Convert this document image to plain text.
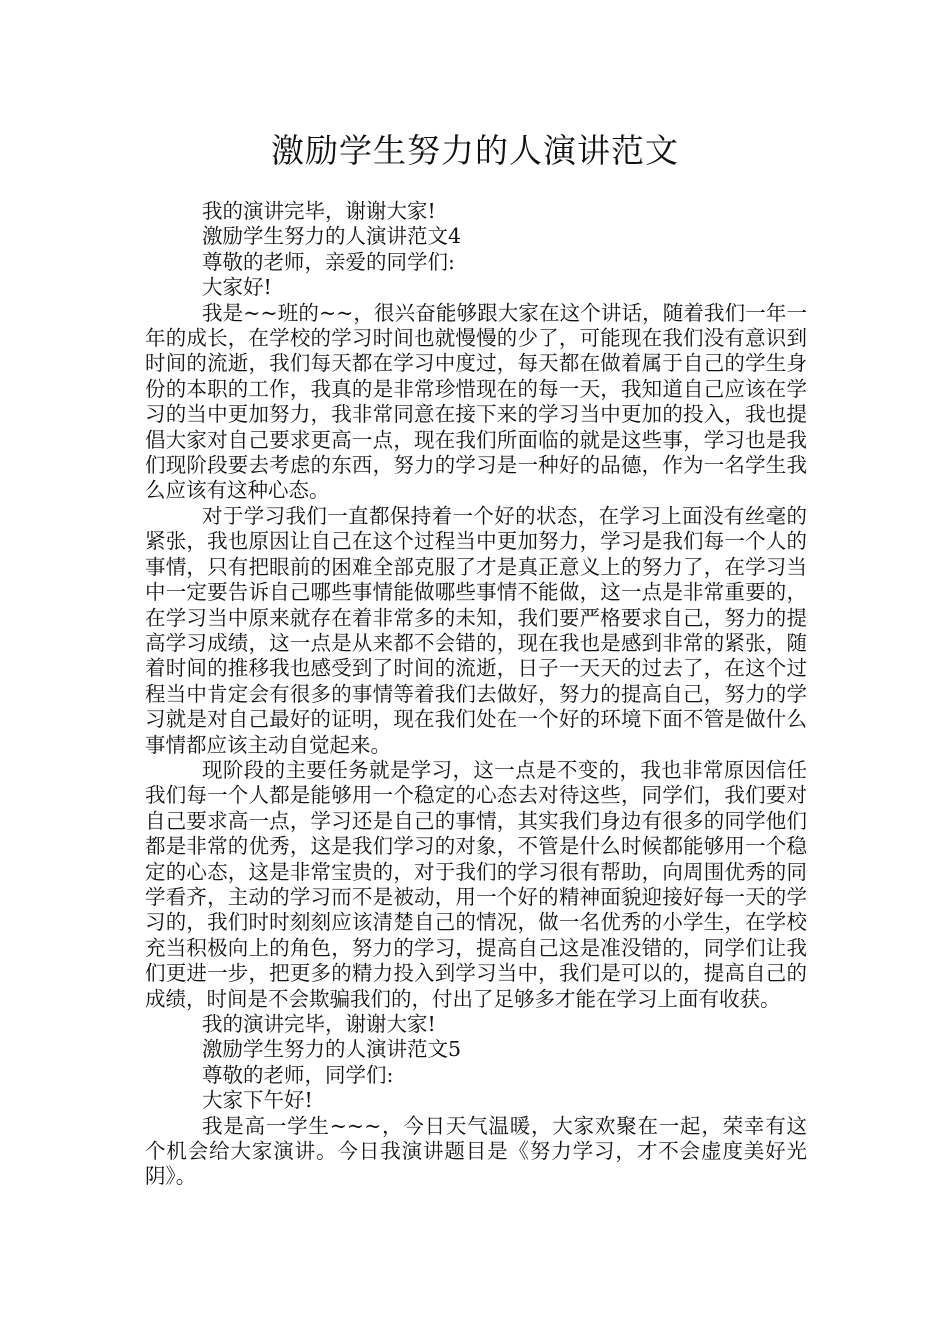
激励学生努力的人演讲范文

我的演讲完毕，谢谢大家!

激励学生努力的人演讲范文4

尊敬的老师，亲爱的同学们:

大家好!

我是~~班的~~，很兴奋能够跟大家在这个讲话，随着我们一年一年的成长，在学校的学习时间也就慢慢的少了，可能现在我们没有意识到时间的流逝，我们每天都在学习中度过，每天都在做着属于自己的学生身份的本职的工作，我真的是非常珍惜现在的每一天，我知道自己应该在学习的当中更加努力，我非常同意在接下来的学习当中更加的投入，我也提倡大家对自己要求更高一点，现在我们所面临的就是这些事，学习也是我们现阶段要去考虑的东西，努力的学习是一种好的品德，作为一名学生我么应该有这种心态。

对于学习我们一直都保持着一个好的状态，在学习上面没有丝毫的紧张，我也原因让自己在这个过程当中更加努力，学习是我们每一个人的事情，只有把眼前的困难全部克服了才是真正意义上的努力了，在学习当中一定要告诉自己哪些事情能做哪些事情不能做，这一点是非常重要的，在学习当中原来就存在着非常多的未知，我们要严格要求自己，努力的提高学习成绩，这一点是从来都不会错的，现在我也是感到非常的紧张，随着时间的推移我也感受到了时间的流逝，日子一天天的过去了，在这个过程当中肯定会有很多的事情等着我们去做好，努力的提高自己，努力的学习就是对自己最好的证明，现在我们处在一个好的环境下面不管是做什么事情都应该主动自觉起来。

现阶段的主要任务就是学习，这一点是不变的，我也非常原因信任我们每一个人都是能够用一个稳定的心态去对待这些，同学们，我们要对自己要求高一点，学习还是自己的事情，其实我们身边有很多的同学他们都是非常的优秀，这是我们学习的对象，不管是什么时候都能够用一个稳定的心态，这是非常宝贵的，对于我们的学习很有帮助，向周围优秀的同学看齐，主动的学习而不是被动，用一个好的精神面貌迎接好每一天的学习的，我们时时刻刻应该清楚自己的情况，做一名优秀的小学生，在学校充当积极向上的角色，努力的学习，提高自己这是准没错的，同学们让我们更进一步，把更多的精力投入到学习当中，我们是可以的，提高自己的成绩，时间是不会欺骗我们的，付出了足够多才能在学习上面有收获。

我的演讲完毕，谢谢大家!

激励学生努力的人演讲范文5

尊敬的老师，同学们:

大家下午好!

我是高一学生~~~，今日天气温暖，大家欢聚在一起，荣幸有这个机会给大家演讲。今日我演讲题目是《努力学习，才不会虚度美好光阴》。
